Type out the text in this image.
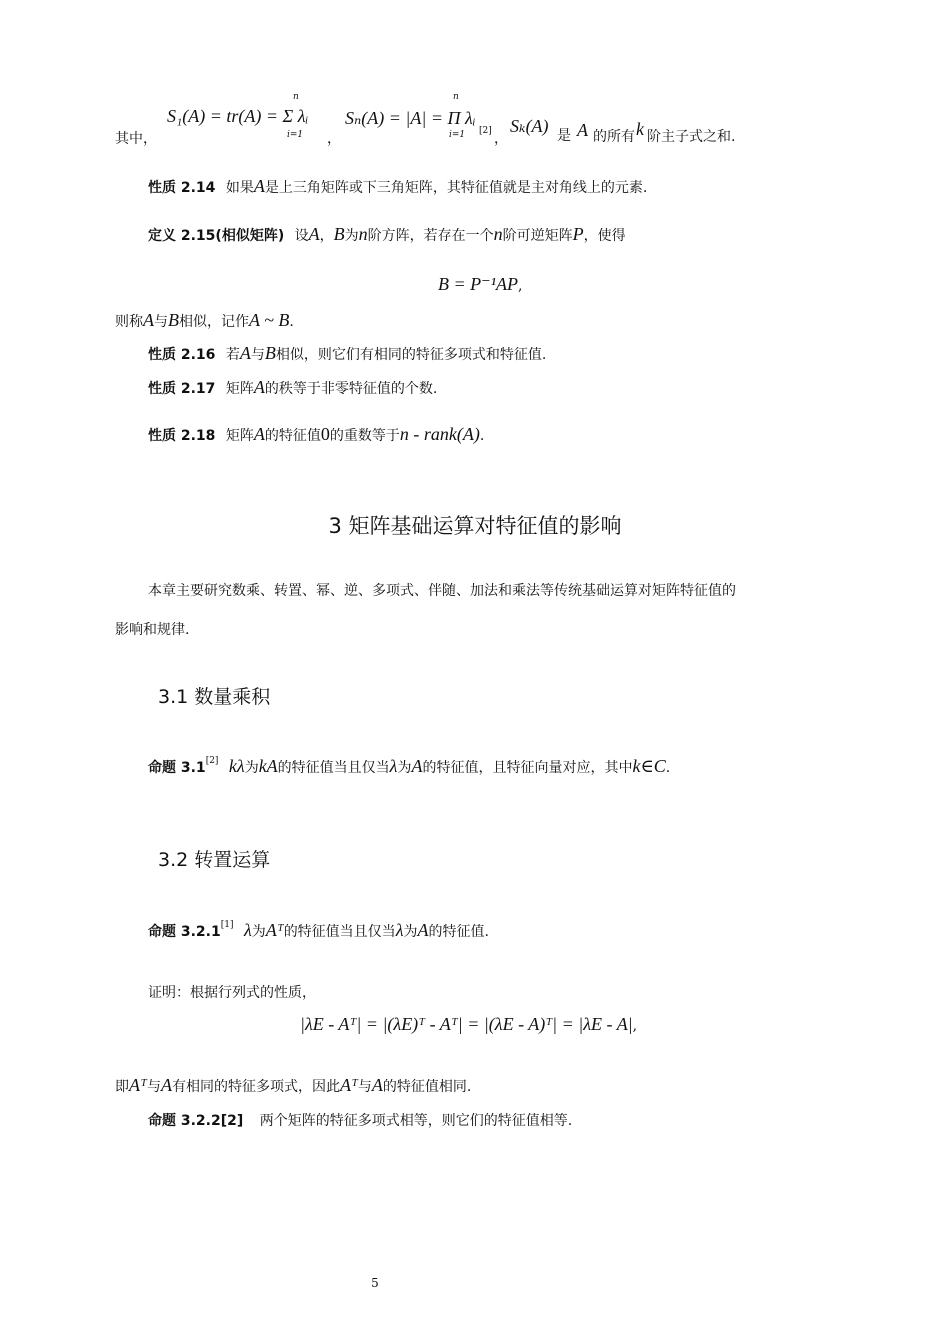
其中，
S₁(A) = tr(A) = Σ λᵢ
n
i=1 ，
Sₙ(A) = |A| = Π λᵢ
n
i=1 [2] ，
Sₖ(A) 是 A 的所有 k 阶主子式之和.
性质 2.14 如果A是上三角矩阵或下三角矩阵，其特征值就是主对角线上的元素.
定义 2.15(相似矩阵) 设A，B为n阶方阵，若存在一个n阶可逆矩阵P，使得
B = P⁻¹AP,
则称A与B相似，记作A ~ B.
性质 2.16 若A与B相似，则它们有相同的特征多项式和特征值.
性质 2.17 矩阵A的秩等于非零特征值的个数.
性质 2.18 矩阵A的特征值0的重数等于n - rank(A).
3 矩阵基础运算对特征值的影响
本章主要研究数乘、转置、幂、逆、多项式、伴随、加法和乘法等传统基础运算对矩阵特征值的
影响和规律.
3.1 数量乘积
命题 3.1[2] kλ为kA的特征值当且仅当λ为A的特征值，且特征向量对应，其中k∈C.
3.2 转置运算
命题 3.2.1[1] λ为Aᵀ的特征值当且仅当λ为A的特征值.
证明：根据行列式的性质，
|λE - Aᵀ| = |(λE)ᵀ - Aᵀ| = |(λE - A)ᵀ| = |λE - A|,
即Aᵀ与A有相同的特征多项式，因此Aᵀ与A的特征值相同.
命题 3.2.2[2] 两个矩阵的特征多项式相等，则它们的特征值相等.
5
